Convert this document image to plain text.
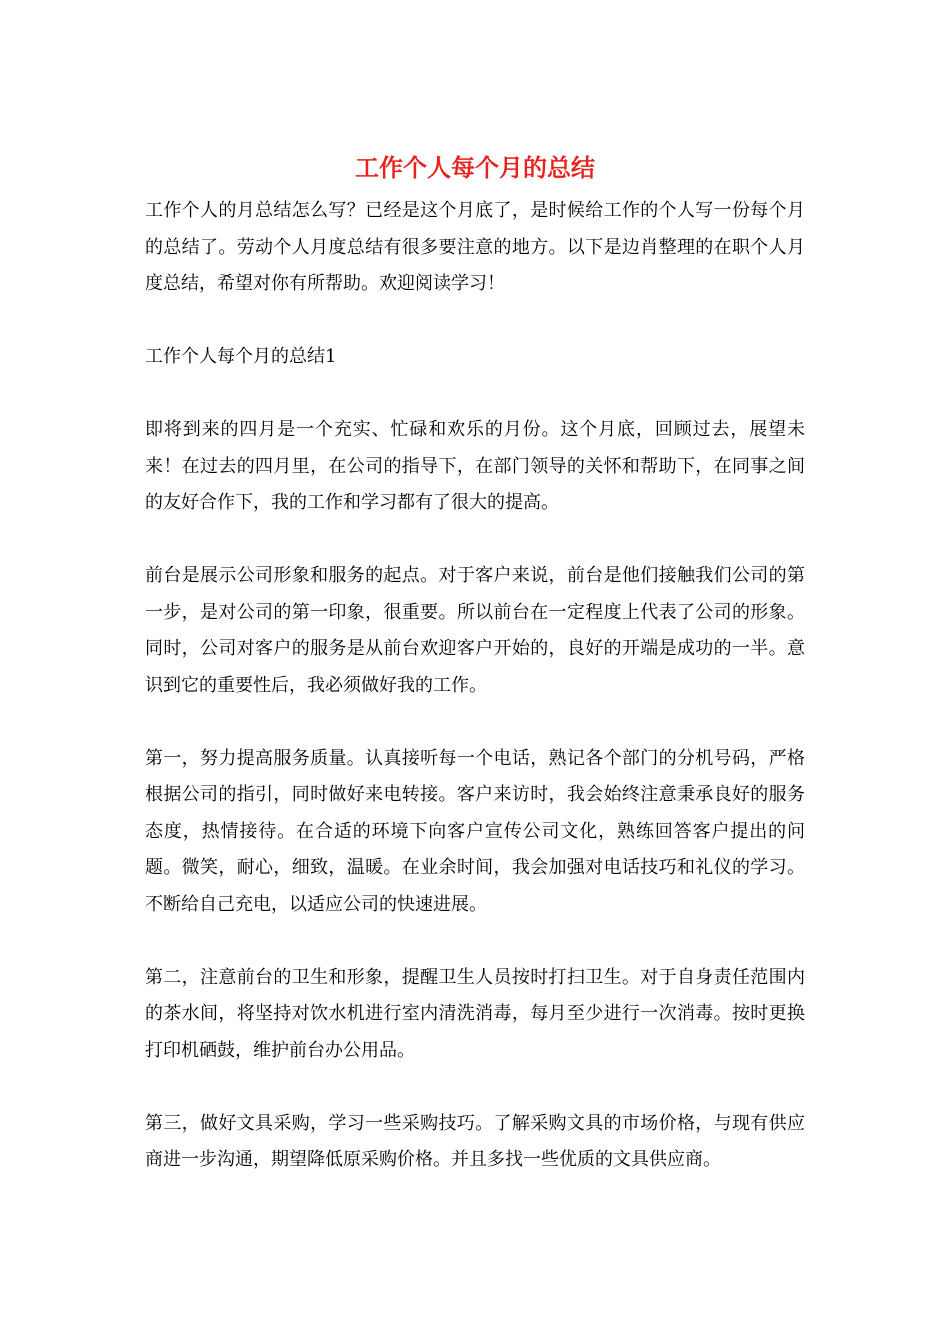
工作个人每个月的总结

工作个人的月总结怎么写？已经是这个月底了，是时候给工作的个人写一份每个月的总结了。劳动个人月度总结有很多要注意的地方。以下是边肖整理的在职个人月度总结，希望对你有所帮助。欢迎阅读学习！

工作个人每个月的总结1

即将到来的四月是一个充实、忙碌和欢乐的月份。这个月底，回顾过去，展望未来！在过去的四月里，在公司的指导下，在部门领导的关怀和帮助下，在同事之间的友好合作下，我的工作和学习都有了很大的提高。

前台是展示公司形象和服务的起点。对于客户来说，前台是他们接触我们公司的第一步，是对公司的第一印象，很重要。所以前台在一定程度上代表了公司的形象。同时，公司对客户的服务是从前台欢迎客户开始的，良好的开端是成功的一半。意识到它的重要性后，我必须做好我的工作。

第一，努力提高服务质量。认真接听每一个电话，熟记各个部门的分机号码，严格根据公司的指引，同时做好来电转接。客户来访时，我会始终注意秉承良好的服务态度，热情接待。在合适的环境下向客户宣传公司文化，熟练回答客户提出的问题。微笑，耐心，细致，温暖。在业余时间，我会加强对电话技巧和礼仪的学习。不断给自己充电，以适应公司的快速进展。

第二，注意前台的卫生和形象，提醒卫生人员按时打扫卫生。对于自身责任范围内的茶水间，将坚持对饮水机进行室内清洗消毒，每月至少进行一次消毒。按时更换打印机硒鼓，维护前台办公用品。

第三，做好文具采购，学习一些采购技巧。了解采购文具的市场价格，与现有供应商进一步沟通，期望降低原采购价格。并且多找一些优质的文具供应商。
